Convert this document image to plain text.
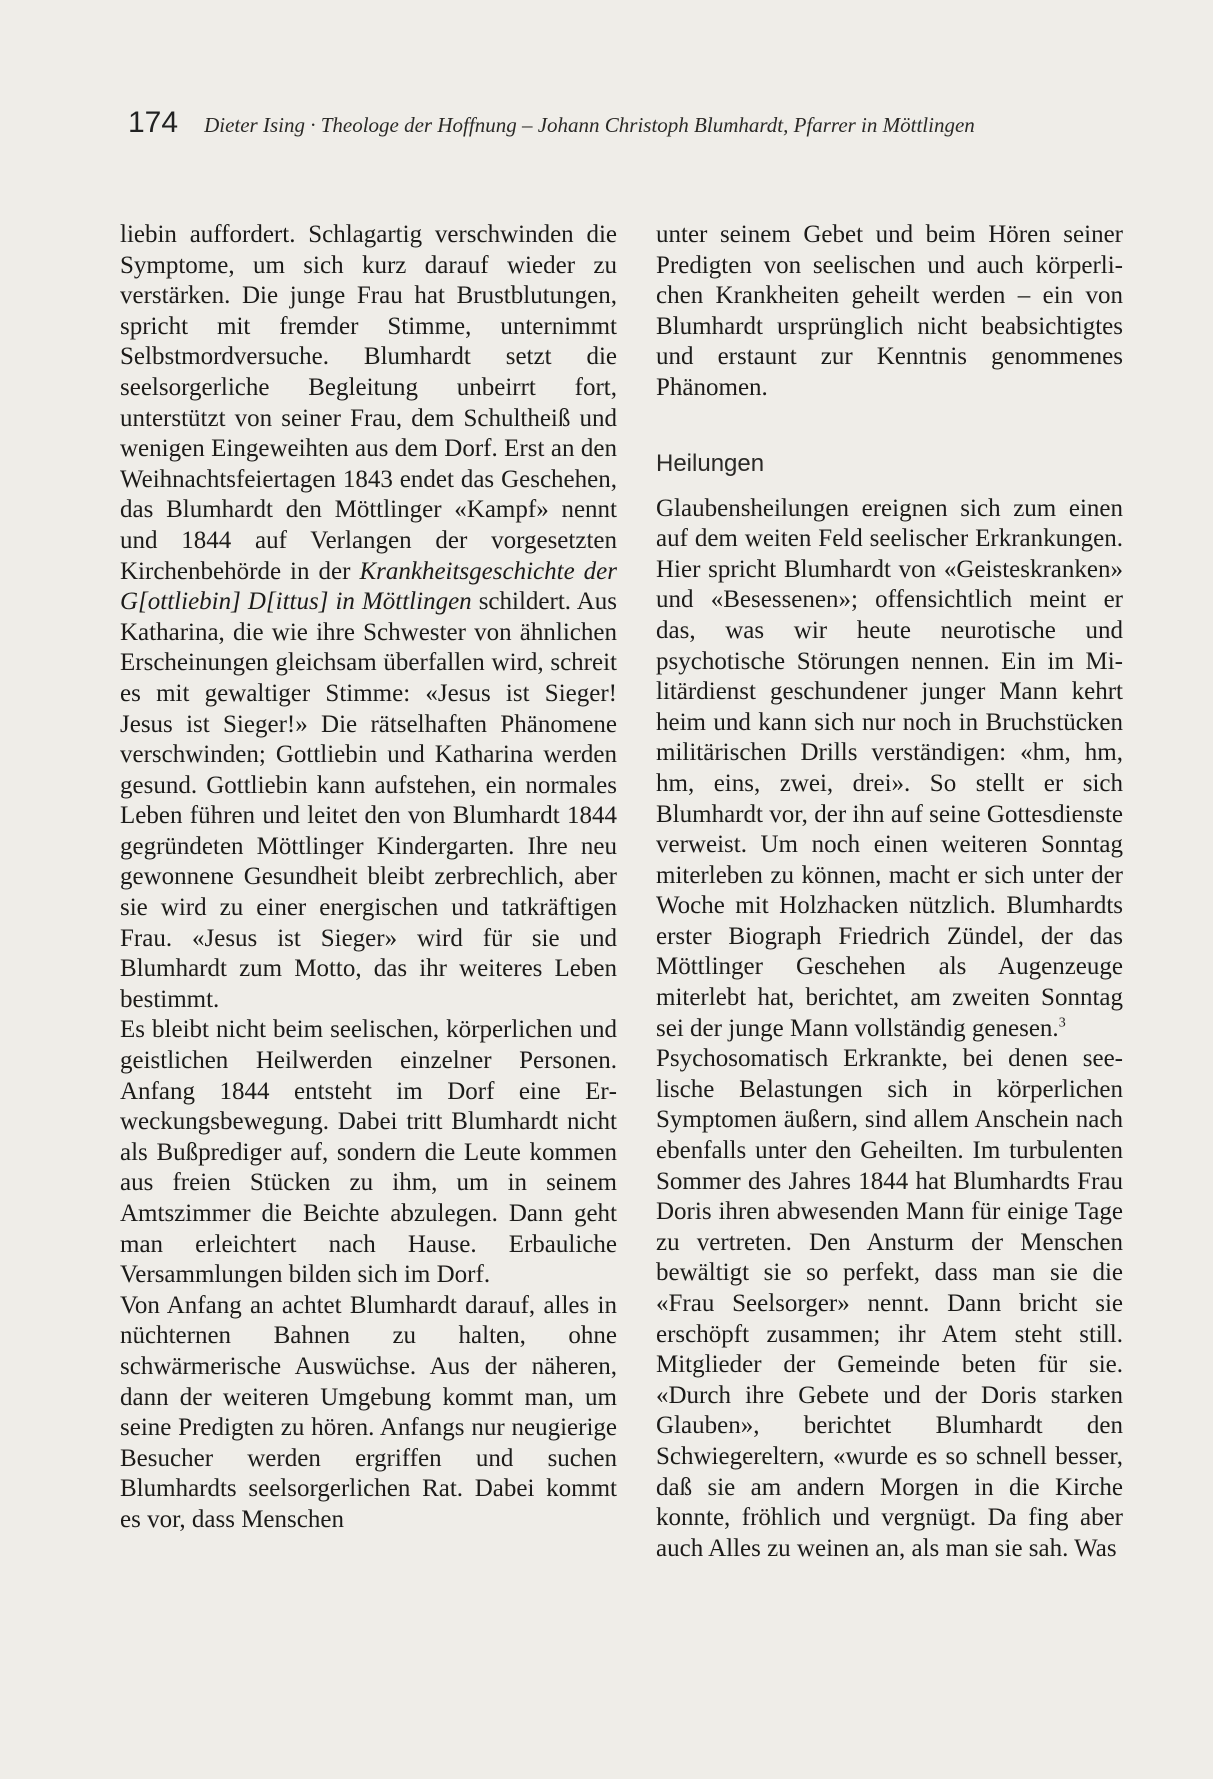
174 Dieter Ising · Theologe der Hoffnung – Johann Christoph Blumhardt, Pfarrer in Möttlingen

liebin auffordert. Schlagartig verschwinden die Symptome, um sich kurz darauf wieder zu verstärken. Die junge Frau hat Brustblutungen, spricht mit fremder Stimme, unternimmt Selbstmordversuche. Blumhardt setzt die seelsorgerliche Begleitung unbeirrt fort, unterstützt von seiner Frau, dem Schultheiß und wenigen Eingeweihten aus dem Dorf. Erst an den Weihnachtsfeiertagen 1843 endet das Geschehen, das Blumhardt den Möttlinger «Kampf» nennt und 1844 auf Verlangen der vorgesetzten Kirchenbehörde in der Krankheitsgeschichte der G[ottliebin] D[ittus] in Möttlingen schildert. Aus Katharina, die wie ihre Schwester von ähnlichen Erscheinungen gleichsam überfallen wird, schreit es mit gewaltiger Stimme: «Jesus ist Sieger! Jesus ist Sieger!» Die rätselhaften Phänomene verschwinden; Gottliebin und Katharina werden gesund. Gottliebin kann aufstehen, ein normales Leben führen und leitet den von Blumhardt 1844 gegründeten Möttlinger Kindergarten. Ihre neu gewonnene Gesundheit bleibt zerbrechlich, aber sie wird zu einer energischen und tatkräftigen Frau. «Jesus ist Sieger» wird für sie und Blumhardt zum Motto, das ihr weiteres Leben bestimmt.

Es bleibt nicht beim seelischen, körperlichen und geistlichen Heilwerden einzelner Personen. Anfang 1844 entsteht im Dorf eine Erweckungsbewegung. Dabei tritt Blumhardt nicht als Bußprediger auf, sondern die Leute kommen aus freien Stücken zu ihm, um in seinem Amtszimmer die Beichte abzulegen. Dann geht man erleichtert nach Hause. Erbauliche Versammlungen bilden sich im Dorf.

Von Anfang an achtet Blumhardt darauf, alles in nüchternen Bahnen zu halten, ohne schwärmerische Auswüchse. Aus der näheren, dann der weiteren Umgebung kommt man, um seine Predigten zu hören. Anfangs nur neugierige Besucher werden ergriffen und suchen Blumhardts seelsorgerlichen Rat. Dabei kommt es vor, dass Menschen

unter seinem Gebet und beim Hören seiner Predigten von seelischen und auch körperlichen Krankheiten geheilt werden – ein von Blumhardt ursprünglich nicht beabsichtigtes und erstaunt zur Kenntnis genommenes Phänomen.

Heilungen

Glaubensheilungen ereignen sich zum einen auf dem weiten Feld seelischer Erkrankungen. Hier spricht Blumhardt von «Geisteskranken» und «Besessenen»; offensichtlich meint er das, was wir heute neurotische und psychotische Störungen nennen. Ein im Militärdienst geschundener junger Mann kehrt heim und kann sich nur noch in Bruchstücken militärischen Drills verständigen: «hm, hm, hm, eins, zwei, drei». So stellt er sich Blumhardt vor, der ihn auf seine Gottesdienste verweist. Um noch einen weiteren Sonntag miterleben zu können, macht er sich unter der Woche mit Holzhacken nützlich. Blumhardts erster Biograph Friedrich Zündel, der das Möttlinger Geschehen als Augenzeuge miterlebt hat, berichtet, am zweiten Sonntag sei der junge Mann vollständig genesen.$^3$

Psychosomatisch Erkrankte, bei denen seelische Belastungen sich in körperlichen Symptomen äußern, sind allem Anschein nach ebenfalls unter den Geheilten. Im turbulenten Sommer des Jahres 1844 hat Blumhardts Frau Doris ihren abwesenden Mann für einige Tage zu vertreten. Den Ansturm der Menschen bewältigt sie so perfekt, dass man sie die «Frau Seelsorger» nennt. Dann bricht sie erschöpft zusammen; ihr Atem steht still. Mitglieder der Gemeinde beten für sie. «Durch ihre Gebete und der Doris starken Glauben», berichtet Blumhardt den Schwiegereltern, «wurde es so schnell besser, daß sie am andern Morgen in die Kirche konnte, fröhlich und vergnügt. Da fing aber auch Alles zu weinen an, als man sie sah. Was
